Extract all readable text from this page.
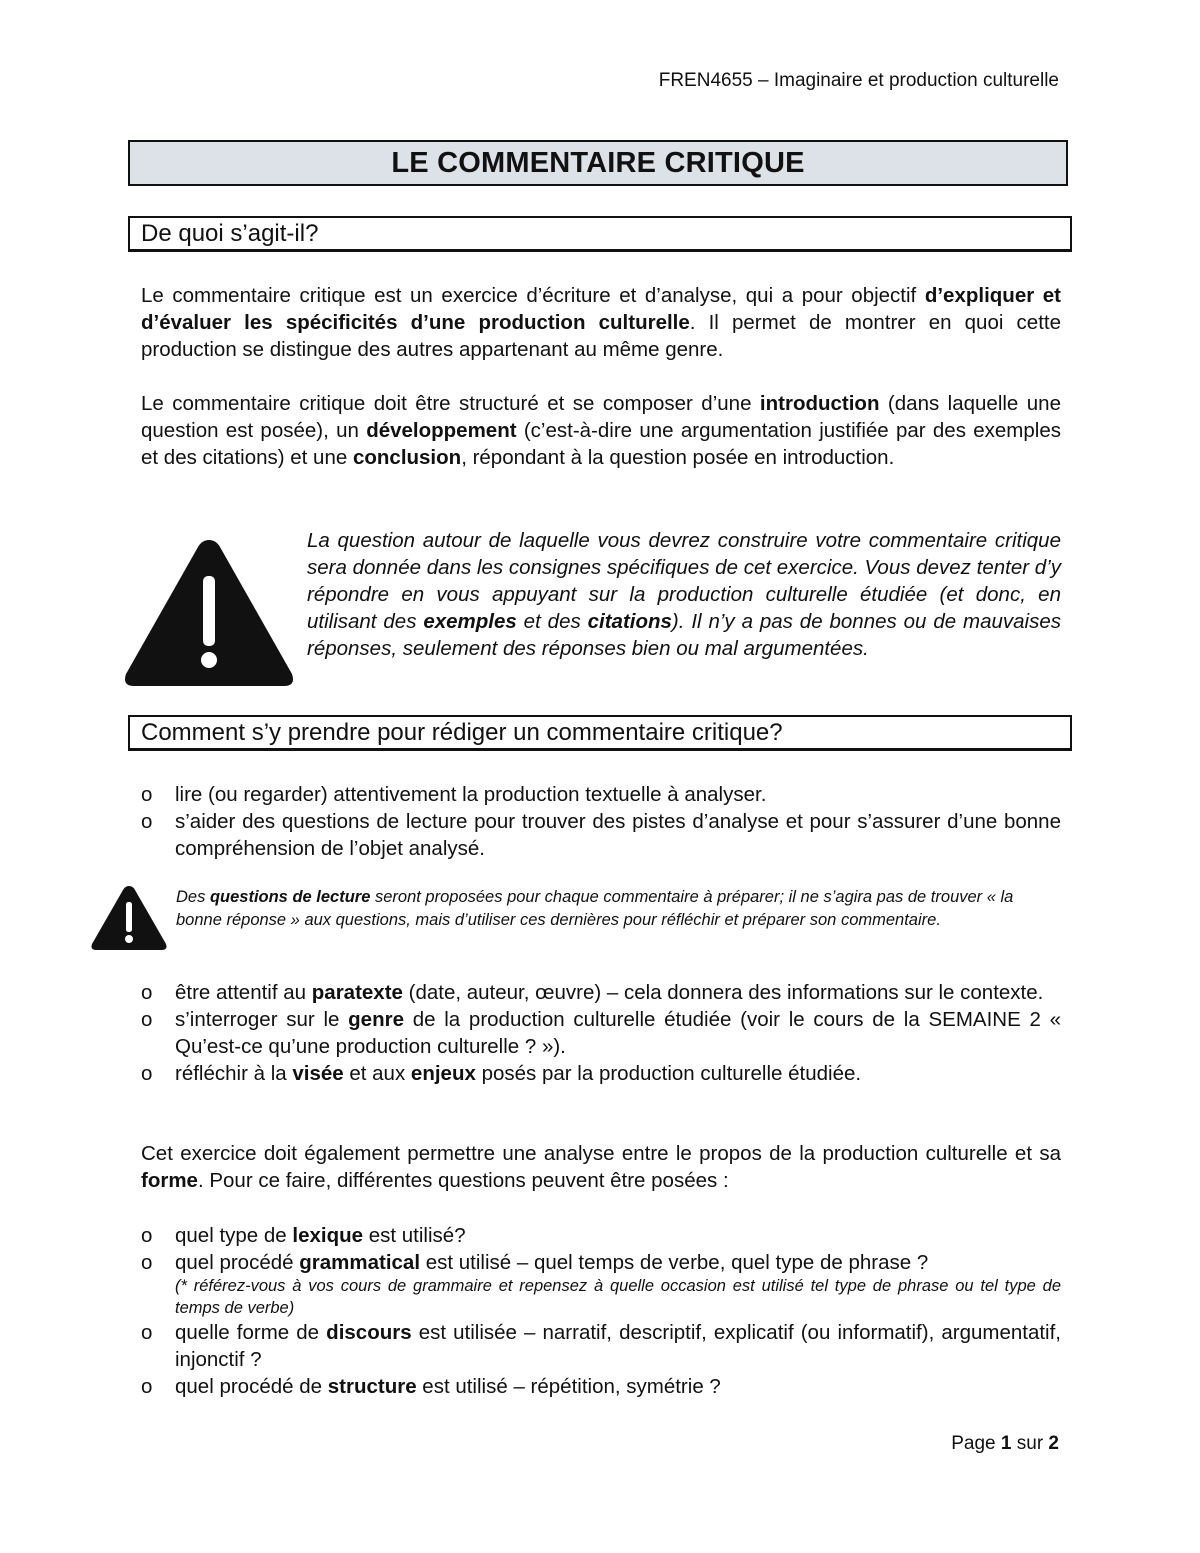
FREN4655 – Imaginaire et production culturelle
LE COMMENTAIRE CRITIQUE
De quoi s’agit-il?
Le commentaire critique est un exercice d’écriture et d’analyse, qui a pour objectif d’expliquer et d’évaluer les spécificités d’une production culturelle. Il permet de montrer en quoi cette production se distingue des autres appartenant au même genre.
Le commentaire critique doit être structuré et se composer d’une introduction (dans laquelle une question est posée), un développement (c’est-à-dire une argumentation justifiée par des exemples et des citations) et une conclusion, répondant à la question posée en introduction.
La question autour de laquelle vous devrez construire votre commentaire critique sera donnée dans les consignes spécifiques de cet exercice. Vous devez tenter d’y répondre en vous appuyant sur la production culturelle étudiée (et donc, en utilisant des exemples et des citations). Il n’y a pas de bonnes ou de mauvaises réponses, seulement des réponses bien ou mal argumentées.
Comment s’y prendre pour rédiger un commentaire critique?
o lire (ou regarder) attentivement la production textuelle à analyser.
o s’aider des questions de lecture pour trouver des pistes d’analyse et pour s’assurer d’une bonne compréhension de l’objet analysé.
Des questions de lecture seront proposées pour chaque commentaire à préparer; il ne s’agira pas de trouver « la bonne réponse » aux questions, mais d’utiliser ces dernières pour réfléchir et préparer son commentaire.
o être attentif au paratexte (date, auteur, œuvre) – cela donnera des informations sur le contexte.
o s’interroger sur le genre de la production culturelle étudiée (voir le cours de la SEMAINE 2 « Qu’est-ce qu’une production culturelle ? »).
o réfléchir à la visée et aux enjeux posés par la production culturelle étudiée.
Cet exercice doit également permettre une analyse entre le propos de la production culturelle et sa forme. Pour ce faire, différentes questions peuvent être posées :
o quel type de lexique est utilisé?
o quel procédé grammatical est utilisé – quel temps de verbe, quel type de phrase ?
(* référez-vous à vos cours de grammaire et repensez à quelle occasion est utilisé tel type de phrase ou tel type de temps de verbe)
o quelle forme de discours est utilisée – narratif, descriptif, explicatif (ou informatif), argumentatif, injonctif ?
o quel procédé de structure est utilisé – répétition, symétrie ?
Page 1 sur 2
